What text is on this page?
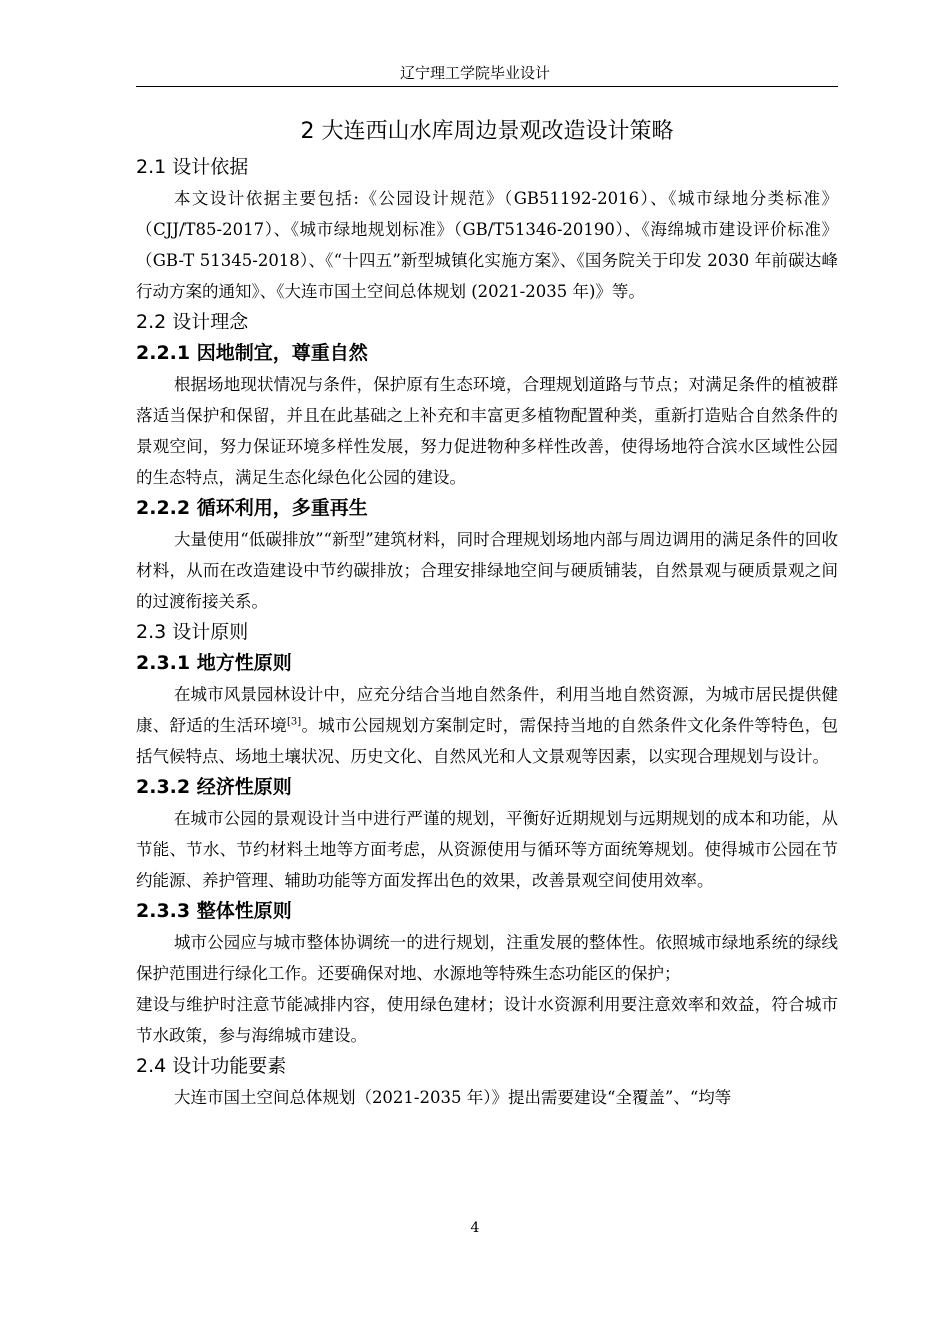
辽宁理工学院毕业设计
2 大连西山水库周边景观改造设计策略
2.1 设计依据

本文设计依据主要包括:《公园设计规范》（GB51192-2016）、《城市绿地分类标准》（CJJ/T85-2017）、《城市绿地规划标准》（GB/T51346-20190）、《海绵城市建设评价标准》（GB-T 51345-2018）、《“十四五”新型城镇化实施方案》、《国务院关于印发 2030 年前碳达峰行动方案的通知》、《大连市国土空间总体规划 (2021-2035 年)》等。

2.2 设计理念
2.2.1 因地制宜，尊重自然

根据场地现状情况与条件，保护原有生态环境，合理规划道路与节点；对满足条件的植被群落适当保护和保留，并且在此基础之上补充和丰富更多植物配置种类，重新打造贴合自然条件的景观空间，努力保证环境多样性发展，努力促进物种多样性改善，使得场地符合滨水区域性公园的生态特点，满足生态化绿色化公园的建设。

2.2.2 循环利用，多重再生

大量使用“低碳排放”“新型”建筑材料，同时合理规划场地内部与周边调用的满足条件的回收材料，从而在改造建设中节约碳排放；合理安排绿地空间与硬质铺装，自然景观与硬质景观之间的过渡衔接关系。

2.3 设计原则
2.3.1 地方性原则

在城市风景园林设计中，应充分结合当地自然条件，利用当地自然资源，为城市居民提供健康、舒适的生活环境[3]。城市公园规划方案制定时，需保持当地的自然条件文化条件等特色，包括气候特点、场地土壤状况、历史文化、自然风光和人文景观等因素，以实现合理规划与设计。

2.3.2 经济性原则

在城市公园的景观设计当中进行严谨的规划，平衡好近期规划与远期规划的成本和功能，从节能、节水、节约材料土地等方面考虑，从资源使用与循环等方面统筹规划。使得城市公园在节约能源、养护管理、辅助功能等方面发挥出色的效果，改善景观空间使用效率。

2.3.3 整体性原则

城市公园应与城市整体协调统一的进行规划，注重发展的整体性。依照城市绿地系统的绿线保护范围进行绿化工作。还要确保对地、水源地等特殊生态功能区的保护；

建设与维护时注意节能减排内容，使用绿色建材；设计水资源利用要注意效率和效益，符合城市节水政策，参与海绵城市建设。

2.4 设计功能要素

大连市国土空间总体规划（2021-2035 年）》提出需要建设“全覆盖”、“均等

4
